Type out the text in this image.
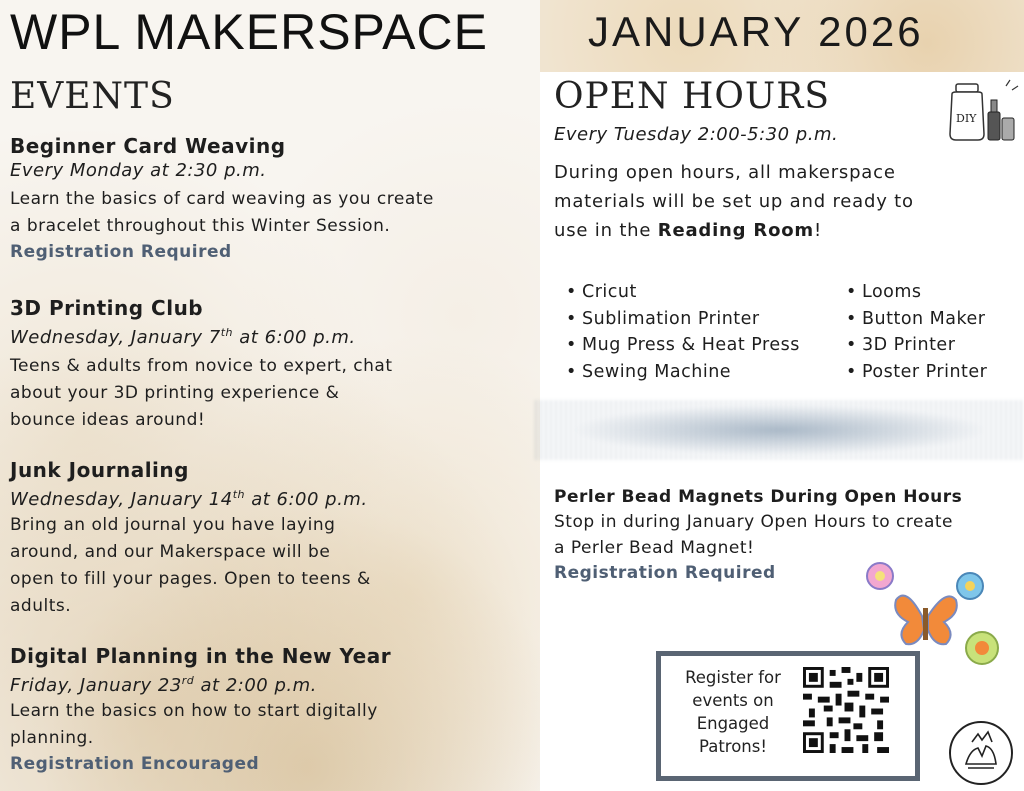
WPL MAKERSPACE JANUARY 2026
EVENTS
Beginner Card Weaving
Every Monday at 2:30 p.m.
Learn the basics of card weaving as you create
a bracelet throughout this Winter Session.
Registration Required
3D Printing Club
Wednesday, January 7th at 6:00 p.m.
Teens & adults from novice to expert, chat
about your 3D printing experience &
bounce ideas around!
Junk Journaling
Wednesday, January 14th at 6:00 p.m.
Bring an old journal you have laying
around, and our Makerspace will be
open to fill your pages. Open to teens &
adults.
Digital Planning in the New Year
Friday, January 23rd at 2:00 p.m.
Learn the basics on how to start digitally
planning.
Registration Encouraged
OPEN HOURS
DIY
Every Tuesday 2:00-5:30 p.m.
During open hours, all makerspace
materials will be set up and ready to
use in the Reading Room!
• Cricut
• Sublimation Printer
• Mug Press & Heat Press
• Sewing Machine
• Looms
• Button Maker
• 3D Printer
• Poster Printer
Perler Bead Magnets During Open Hours
Stop in during January Open Hours to create
a Perler Bead Magnet!
Registration Required
Register for
events on
Engaged
Patrons!
